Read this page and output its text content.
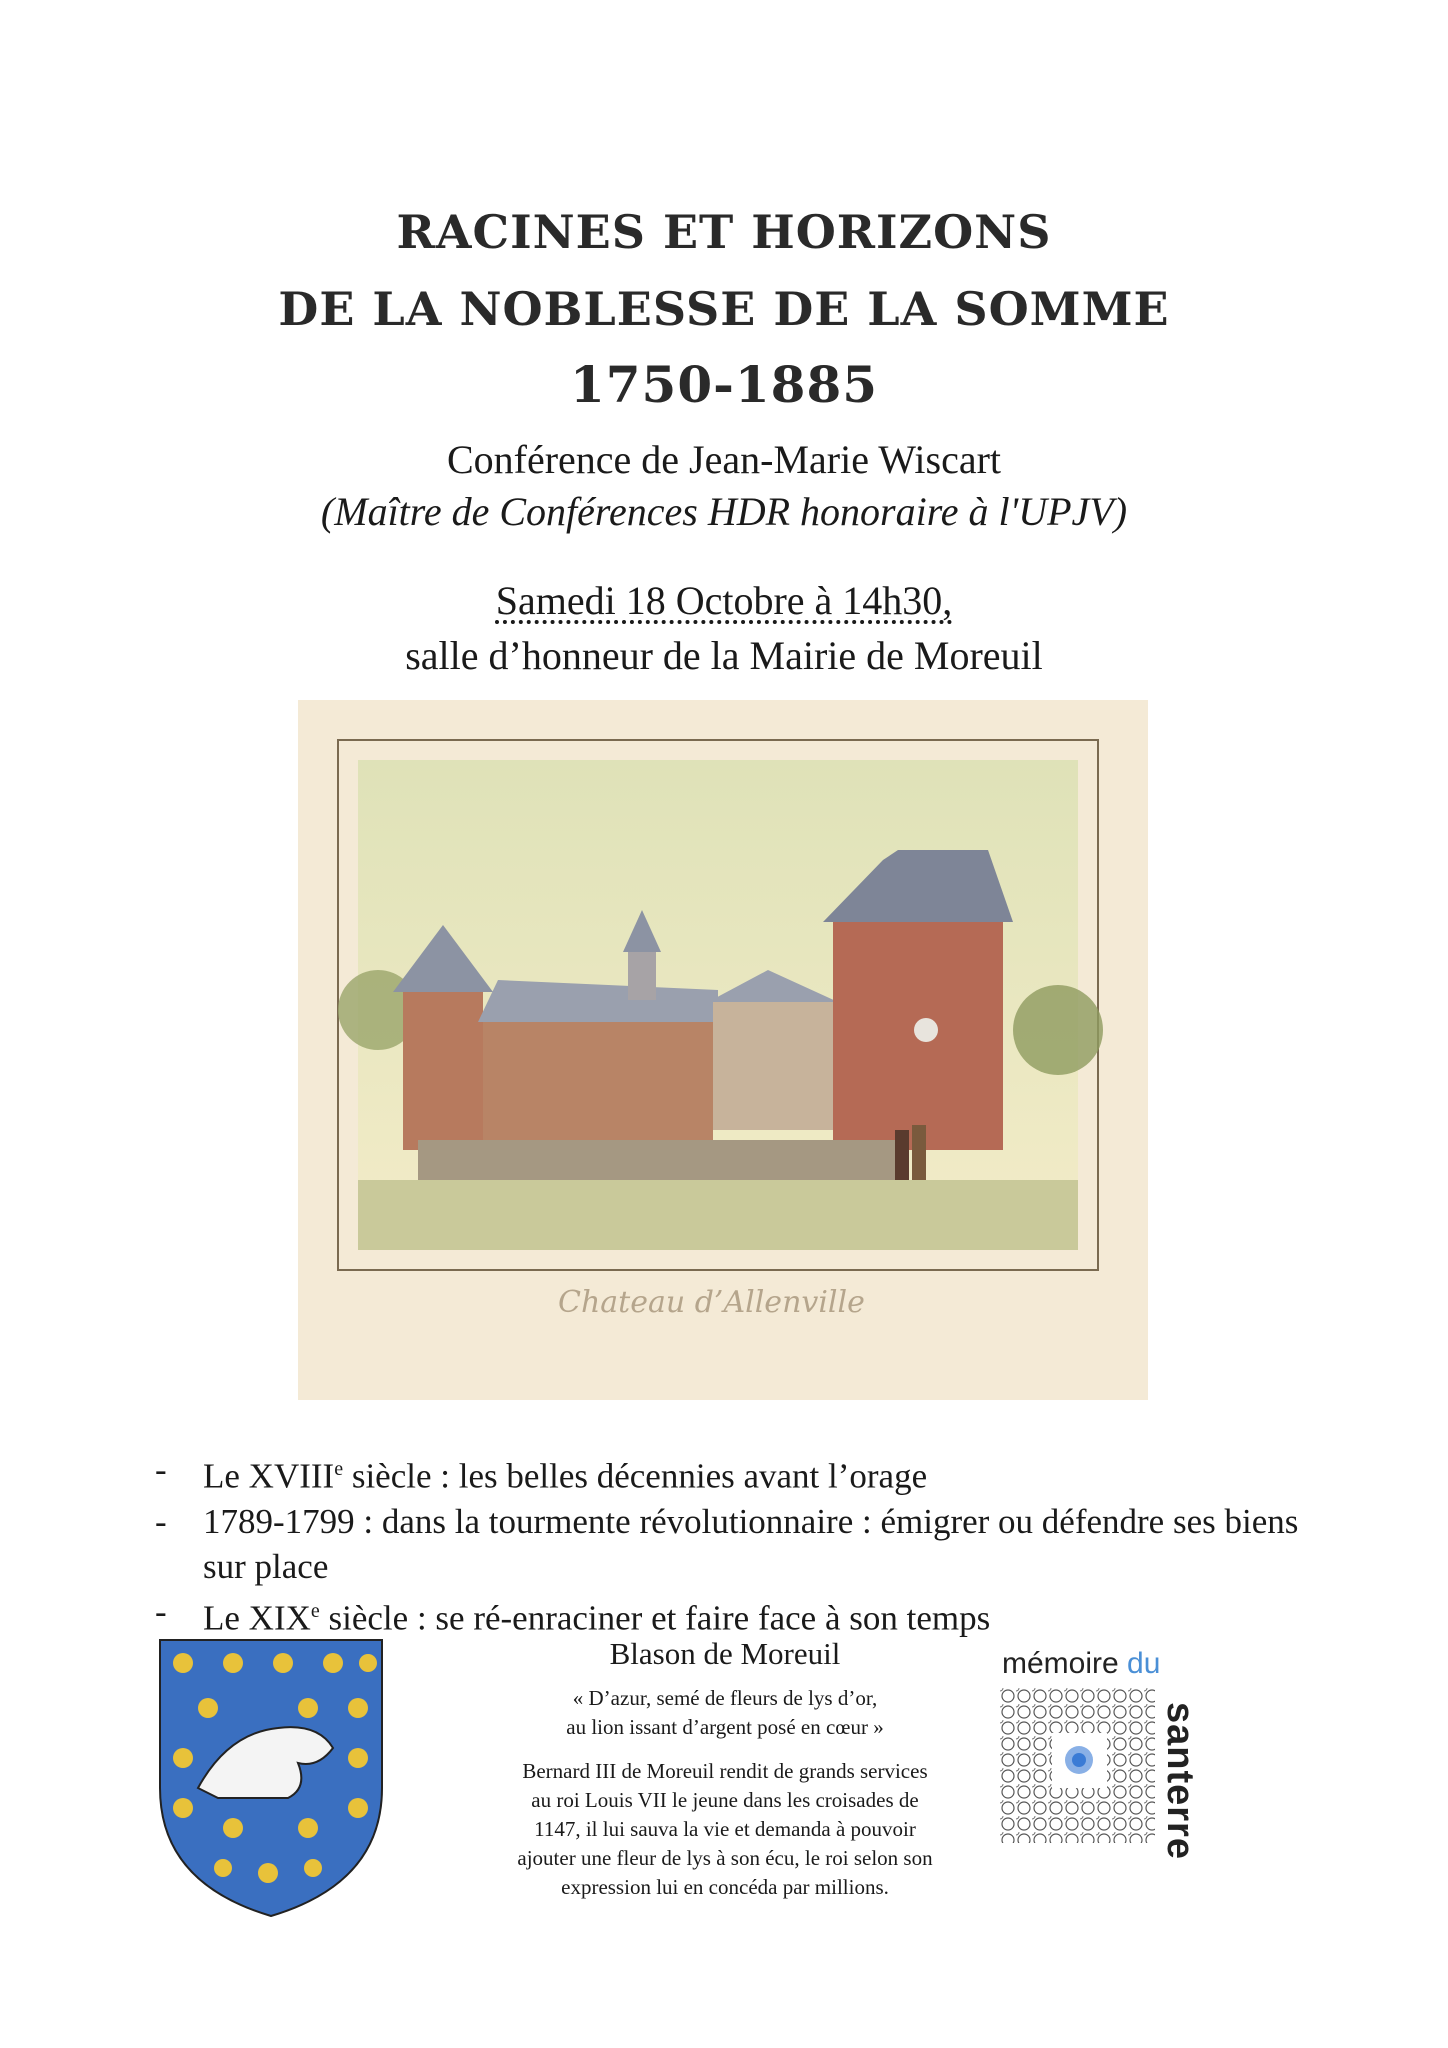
RACINES ET HORIZONS
DE LA NOBLESSE DE LA SOMME
1750-1885
Conférence de Jean-Marie Wiscart
(Maître de Conférences HDR honoraire à l'UPJV)
Samedi 18 Octobre à 14h30,
salle d’honneur de la Mairie de Moreuil
Chateau d’Allenville
-	Le XVIIIe siècle : les belles décennies avant l’orage
-	1789-1799 : dans la tourmente révolutionnaire : émigrer ou défendre ses biens sur place
-	Le XIXe siècle : se ré-enraciner et faire face à son temps
Blason de Moreuil
« D’azur, semé de fleurs de lys d’or,
au lion issant d’argent posé en cœur »
Bernard III de Moreuil rendit de grands services
au roi Louis VII le jeune dans les croisades de
1147, il lui sauva la vie et demanda à pouvoir
ajouter une fleur de lys à son écu, le roi selon son
expression lui en concéda par millions.
mémoire du
santerre
